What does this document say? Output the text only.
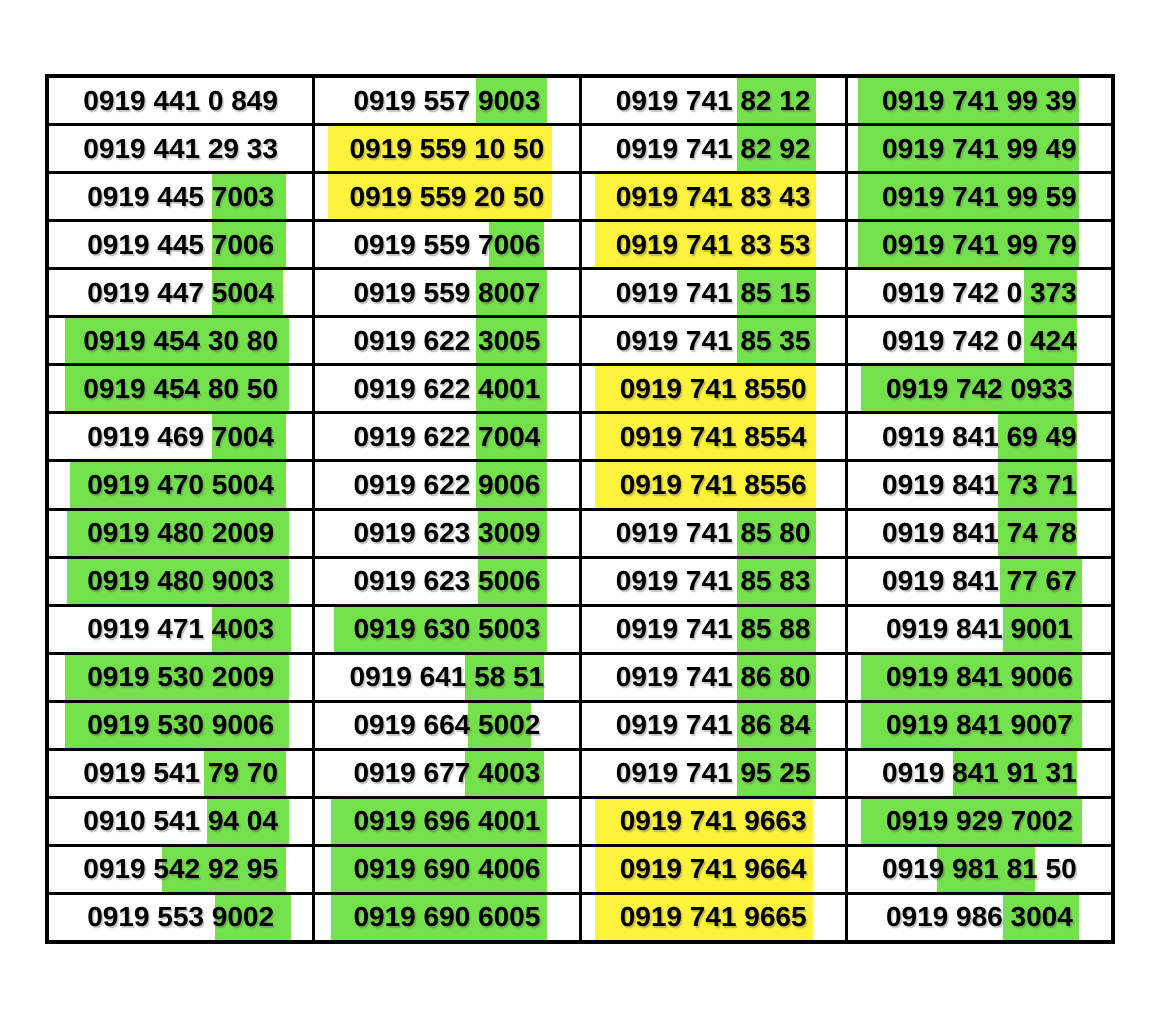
0919 441 0 849	0919 557 9003	0919 741 82 12	0919 741 99 39
0919 441 29 33	0919 559 10 50	0919 741 82 92	0919 741 99 49
0919 445 7003	0919 559 20 50	0919 741 83 43	0919 741 99 59
0919 445 7006	0919 559 7006	0919 741 83 53	0919 741 99 79
0919 447 5004	0919 559 8007	0919 741 85 15	0919 742 0 373
0919 454 30 80	0919 622 3005	0919 741 85 35	0919 742 0 424
0919 454 80 50	0919 622 4001	0919 741 8550	0919 742 0933
0919 469 7004	0919 622 7004	0919 741 8554	0919 841 69 49
0919 470 5004	0919 622 9006	0919 741 8556	0919 841 73 71
0919 480 2009	0919 623 3009	0919 741 85 80	0919 841 74 78
0919 480 9003	0919 623 5006	0919 741 85 83	0919 841 77 67
0919 471 4003	0919 630 5003	0919 741 85 88	0919 841 9001
0919 530 2009	0919 641 58 51	0919 741 86 80	0919 841 9006
0919 530 9006	0919 664 5002	0919 741 86 84	0919 841 9007
0919 541 79 70	0919 677 4003	0919 741 95 25	0919 841 91 31
0910 541 94 04	0919 696 4001	0919 741 9663	0919 929 7002
0919 542 92 95	0919 690 4006	0919 741 9664	0919 981 81 50
0919 553 9002	0919 690 6005	0919 741 9665	0919 986 3004
